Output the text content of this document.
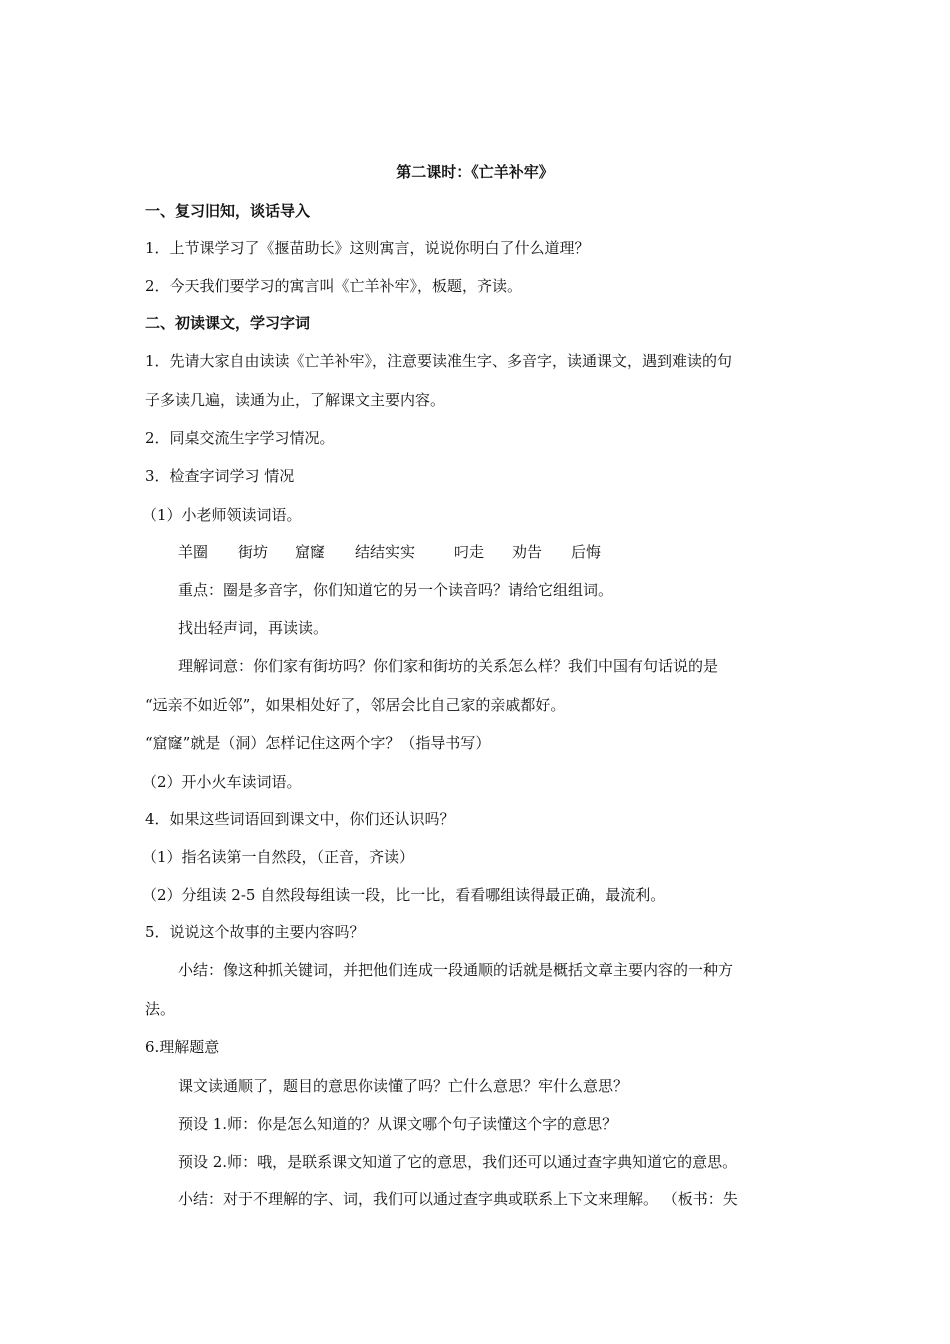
第二课时：《亡羊补牢》
一、复习旧知，谈话导入
1．上节课学习了《揠苗助长》这则寓言，说说你明白了什么道理？
2．今天我们要学习的寓言叫《亡羊补牢》，板题，齐读。
二、初读课文，学习字词
1．先请大家自由读读《亡羊补牢》，注意要读准生字、多音字，读通课文，遇到难读的句
子多读几遍，读通为止，了解课文主要内容。
2．同桌交流生字学习情况。
3．检查字词学习 情况
（1）小老师领读词语。
羊圈	街坊	窟窿	结结实实	叼走	劝告	后悔
重点：圈是多音字，你们知道它的另一个读音吗？请给它组组词。
找出轻声词，再读读。
理解词意：你们家有街坊吗？你们家和街坊的关系怎么样？我们中国有句话说的是
“远亲不如近邻”，如果相处好了，邻居会比自己家的亲戚都好。
“窟窿”就是（洞）怎样记住这两个字？（指导书写）
（2）开小火车读词语。
4．如果这些词语回到课文中，你们还认识吗？
（1）指名读第一自然段，（正音，齐读）
（2）分组读 2-5 自然段每组读一段，比一比，看看哪组读得最正确，最流利。
5．说说这个故事的主要内容吗？
小结：像这种抓关键词，并把他们连成一段通顺的话就是概括文章主要内容的一种方
法。
6.理解题意
课文读通顺了，题目的意思你读懂了吗？亡什么意思？牢什么意思？
预设 1.师：你是怎么知道的？从课文哪个句子读懂这个字的意思？
预设 2.师：哦，是联系课文知道了它的意思，我们还可以通过查字典知道它的意思。
小结：对于不理解的字、词，我们可以通过查字典或联系上下文来理解。 （板书：失
